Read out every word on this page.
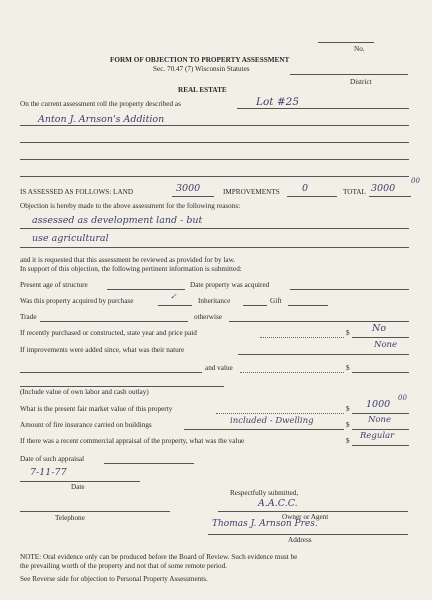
No.
FORM OF OBJECTION TO PROPERTY ASSESSMENT
Sec. 70.47 (7) Wisconsin Statutes
District
REAL ESTATE
On the current assessment roll the property described as	Lot #25
Anton J. Arnson's Addition
IS ASSESSED AS FOLLOWS: LAND	3000	IMPROVEMENTS 0	TOTAL 3000
00
Objection is hereby made to the above assessment for the following reasons:
assessed as development land - but
use agricultural
and it is requested that this assessment be reviewed as provided for by law.
In support of this objection, the following pertinent information is submitted:
Present age of structure	Date property was acquired
Was this property acquired by purchase	✓	Inheritance	Gift
Trade	otherwise
If recently purchased or constructed, state year and price paid	$ No
If improvements were added since, what was their nature	None
and value	$
(Include value of own labor and cash outlay)
What is the present fair market value of this property	$ 1000
00
Amount of fire insurance carried on buildings	included - Dwelling	$ None
If there was a recent commercial appraisal of the property, what was the value	$ Regular
Date of such appraisal
7-11-77
Date
Respectfully submitted,
A.A.C.C.
Owner or Agent
Telephone
Thomas J. Arnson Pres.
Address
NOTE: Oral evidence only can be produced before the Board of Review. Such evidence must be
the prevailing worth of the property and not that of some remote period.
See Reverse side for objection to Personal Property Assessments.
